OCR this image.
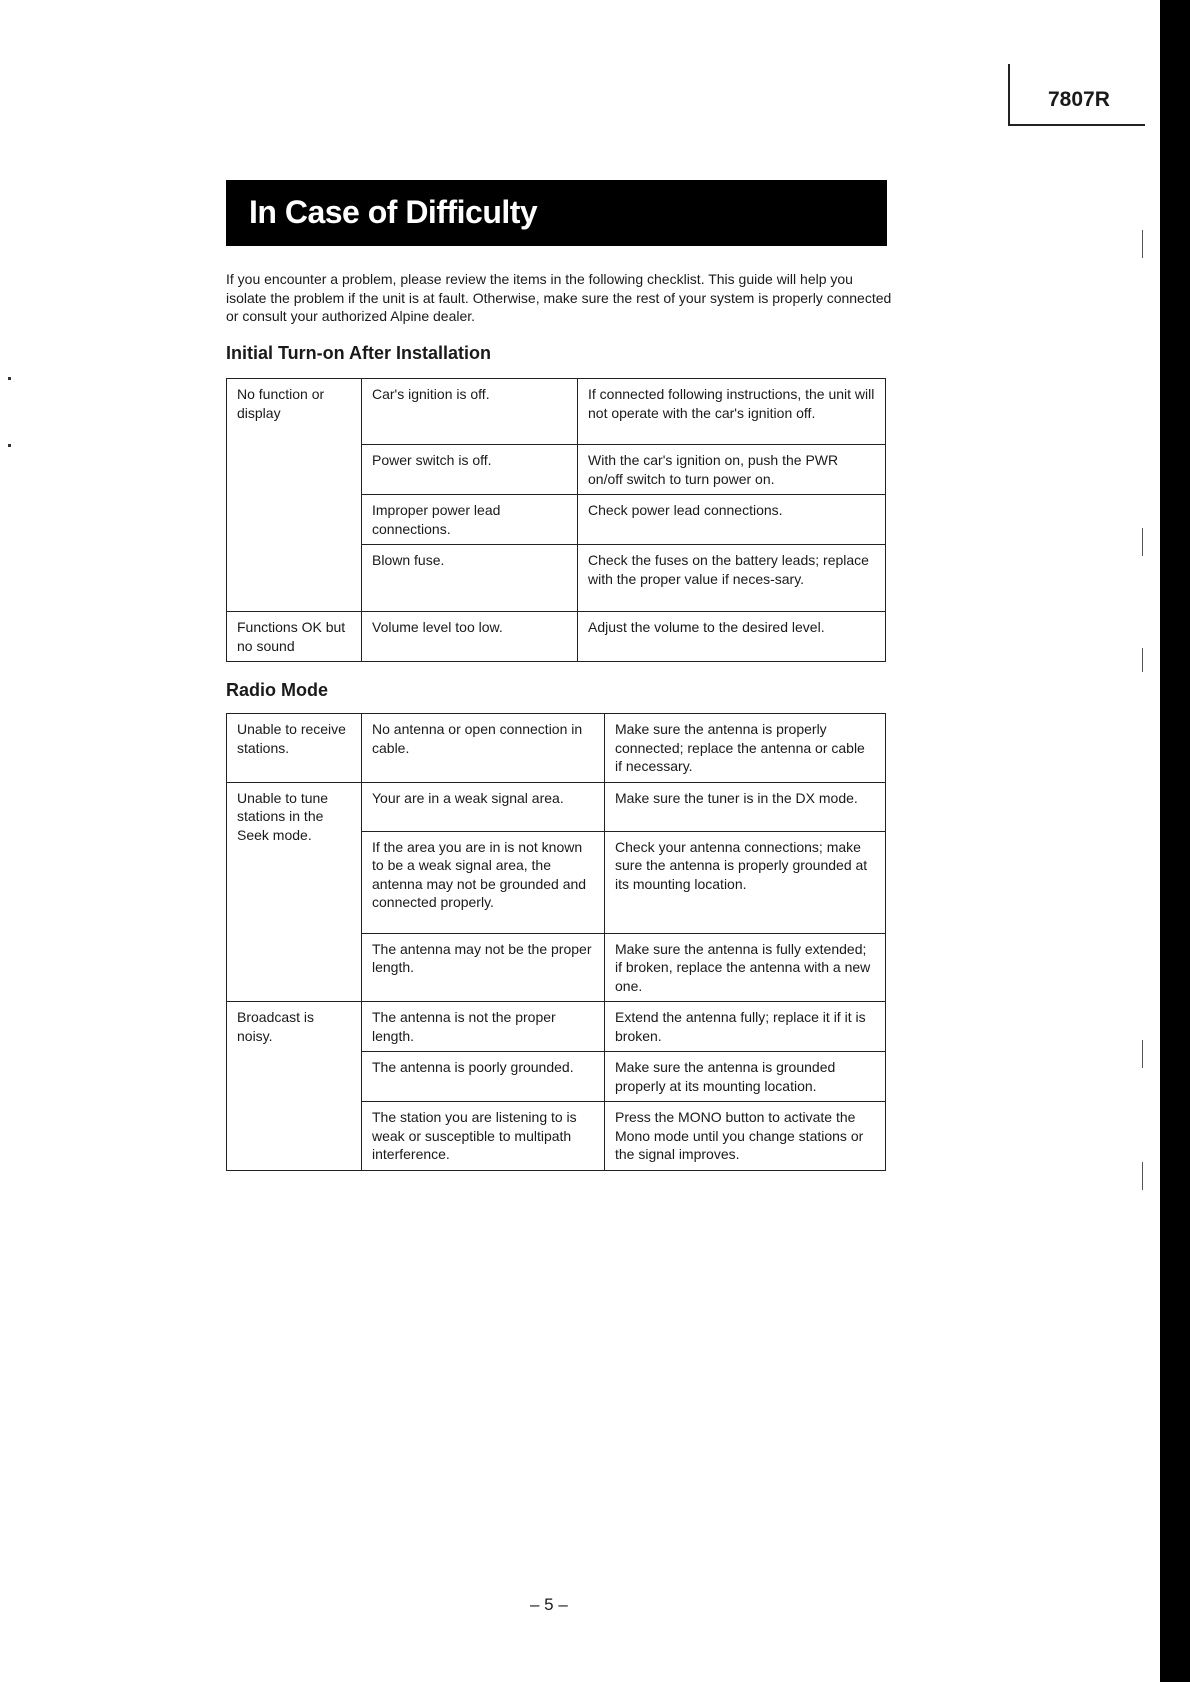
7807R
In Case of Difficulty
If you encounter a problem, please review the items in the following checklist. This guide will help you isolate the problem if the unit is at fault. Otherwise, make sure the rest of your system is properly connected or consult your authorized Alpine dealer.
Initial Turn-on After Installation
No function or display	Car's ignition is off.	If connected following instructions, the unit will not operate with the car's ignition off.
	Power switch is off.	With the car's ignition on, push the PWR on/off switch to turn power on.
	Improper power lead connections.	Check power lead connections.
	Blown fuse.	Check the fuses on the battery leads; replace with the proper value if neces-sary.
Functions OK but no sound	Volume level too low.	Adjust the volume to the desired level.
Radio Mode
Unable to receive stations.	No antenna or open connection in cable.	Make sure the antenna is properly connected; replace the antenna or cable if necessary.
Unable to tune stations in the Seek mode.	Your are in a weak signal area.	Make sure the tuner is in the DX mode.
	If the area you are in is not known to be a weak signal area, the antenna may not be grounded and connected properly.	Check your antenna connections; make sure the antenna is properly grounded at its mounting location.
	The antenna may not be the proper length.	Make sure the antenna is fully extended; if broken, replace the antenna with a new one.
Broadcast is noisy.	The antenna is not the proper length.	Extend the antenna fully; replace it if it is broken.
	The antenna is poorly grounded.	Make sure the antenna is grounded properly at its mounting location.
	The station you are listening to is weak or susceptible to multipath interference.	Press the MONO button to activate the Mono mode until you change stations or the signal improves.
– 5 –
